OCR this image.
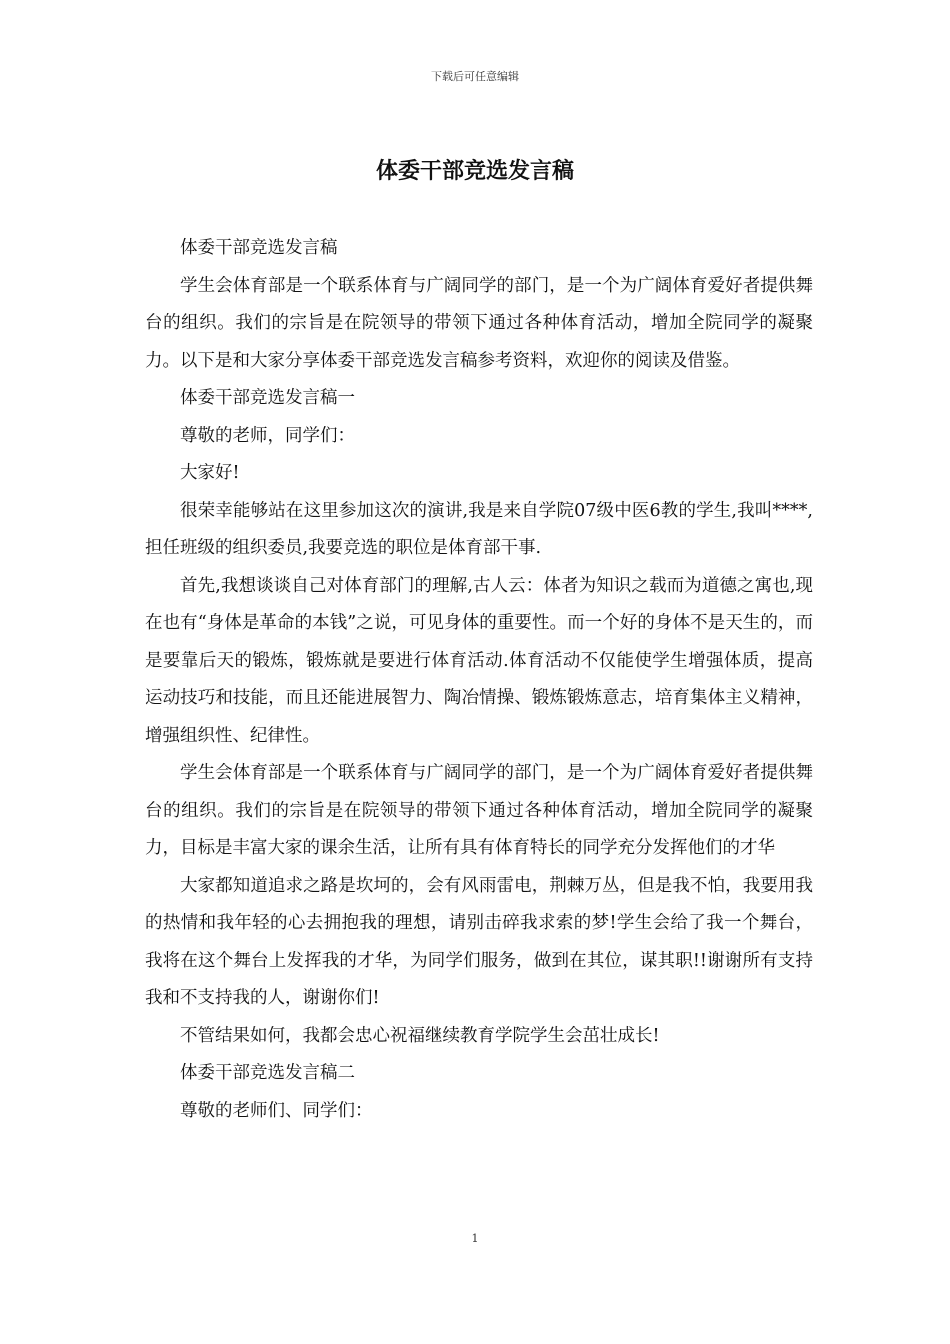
下载后可任意编辑
体委干部竞选发言稿

体委干部竞选发言稿

学生会体育部是一个联系体育与广阔同学的部门，是一个为广阔体育爱好者提供舞台的组织。我们的宗旨是在院领导的带领下通过各种体育活动，增加全院同学的凝聚力。以下是和大家分享体委干部竞选发言稿参考资料，欢迎你的阅读及借鉴。

体委干部竞选发言稿一

尊敬的老师，同学们：

大家好!

很荣幸能够站在这里参加这次的演讲,我是来自学院07级中医6教的学生,我叫****,担任班级的组织委员,我要竞选的职位是体育部干事.

首先,我想谈谈自己对体育部门的理解,古人云：体者为知识之载而为道德之寓也,现在也有“身体是革命的本钱”之说，可见身体的重要性。而一个好的身体不是天生的，而是要靠后天的锻炼，锻炼就是要进行体育活动.体育活动不仅能使学生增强体质，提高运动技巧和技能，而且还能进展智力、陶冶情操、锻炼锻炼意志，培育集体主义精神，增强组织性、纪律性。

学生会体育部是一个联系体育与广阔同学的部门，是一个为广阔体育爱好者提供舞台的组织。我们的宗旨是在院领导的带领下通过各种体育活动，增加全院同学的凝聚力，目标是丰富大家的课余生活，让所有具有体育特长的同学充分发挥他们的才华

大家都知道追求之路是坎坷的，会有风雨雷电，荆棘万丛，但是我不怕，我要用我的热情和我年轻的心去拥抱我的理想，请别击碎我求索的梦!学生会给了我一个舞台，我将在这个舞台上发挥我的才华，为同学们服务，做到在其位，谋其职!!谢谢所有支持我和不支持我的人，谢谢你们!

不管结果如何，我都会忠心祝福继续教育学院学生会茁壮成长!

体委干部竞选发言稿二

尊敬的老师们、同学们：

1
